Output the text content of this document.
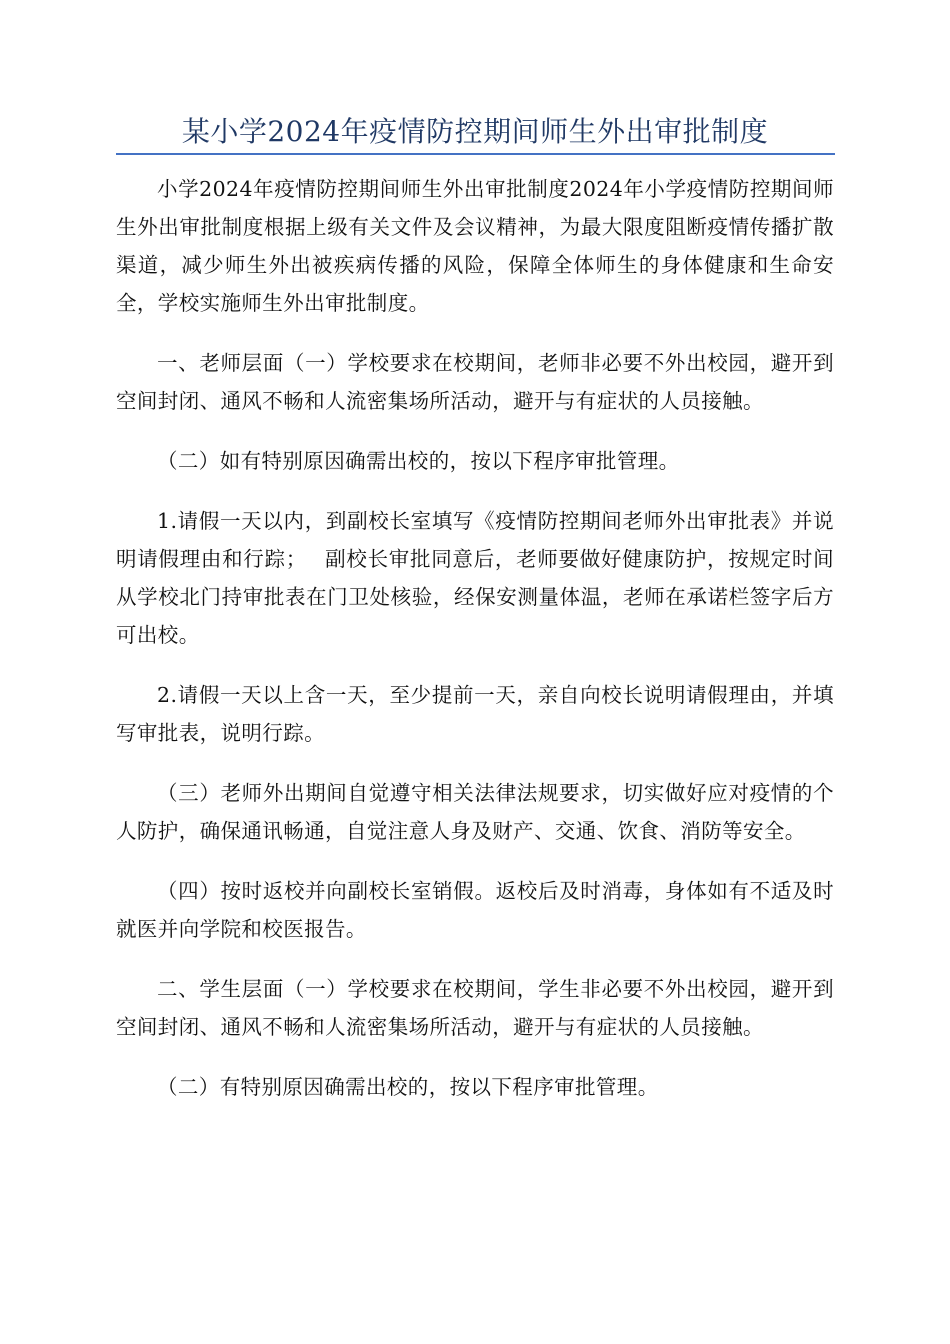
某小学2024年疫情防控期间师生外出审批制度

小学2024年疫情防控期间师生外出审批制度2024年小学疫情防控期间师生外出审批制度根据上级有关文件及会议精神，为最大限度阻断疫情传播扩散渠道，减少师生外出被疾病传播的风险，保障全体师生的身体健康和生命安全，学校实施师生外出审批制度。

一、老师层面（一）学校要求在校期间，老师非必要不外出校园，避开到空间封闭、通风不畅和人流密集场所活动，避开与有症状的人员接触。

（二）如有特别原因确需出校的，按以下程序审批管理。

1.请假一天以内，到副校长室填写《疫情防控期间老师外出审批表》并说明请假理由和行踪；　 副校长审批同意后，老师要做好健康防护，按规定时间从学校北门持审批表在门卫处核验，经保安测量体温，老师在承诺栏签字后方可出校。

2.请假一天以上含一天，至少提前一天，亲自向校长说明请假理由，并填写审批表，说明行踪。

（三）老师外出期间自觉遵守相关法律法规要求，切实做好应对疫情的个人防护，确保通讯畅通，自觉注意人身及财产、交通、饮食、消防等安全。

（四）按时返校并向副校长室销假。返校后及时消毒，身体如有不适及时就医并向学院和校医报告。

二、学生层面（一）学校要求在校期间，学生非必要不外出校园，避开到空间封闭、通风不畅和人流密集场所活动，避开与有症状的人员接触。

（二）有特别原因确需出校的，按以下程序审批管理。
